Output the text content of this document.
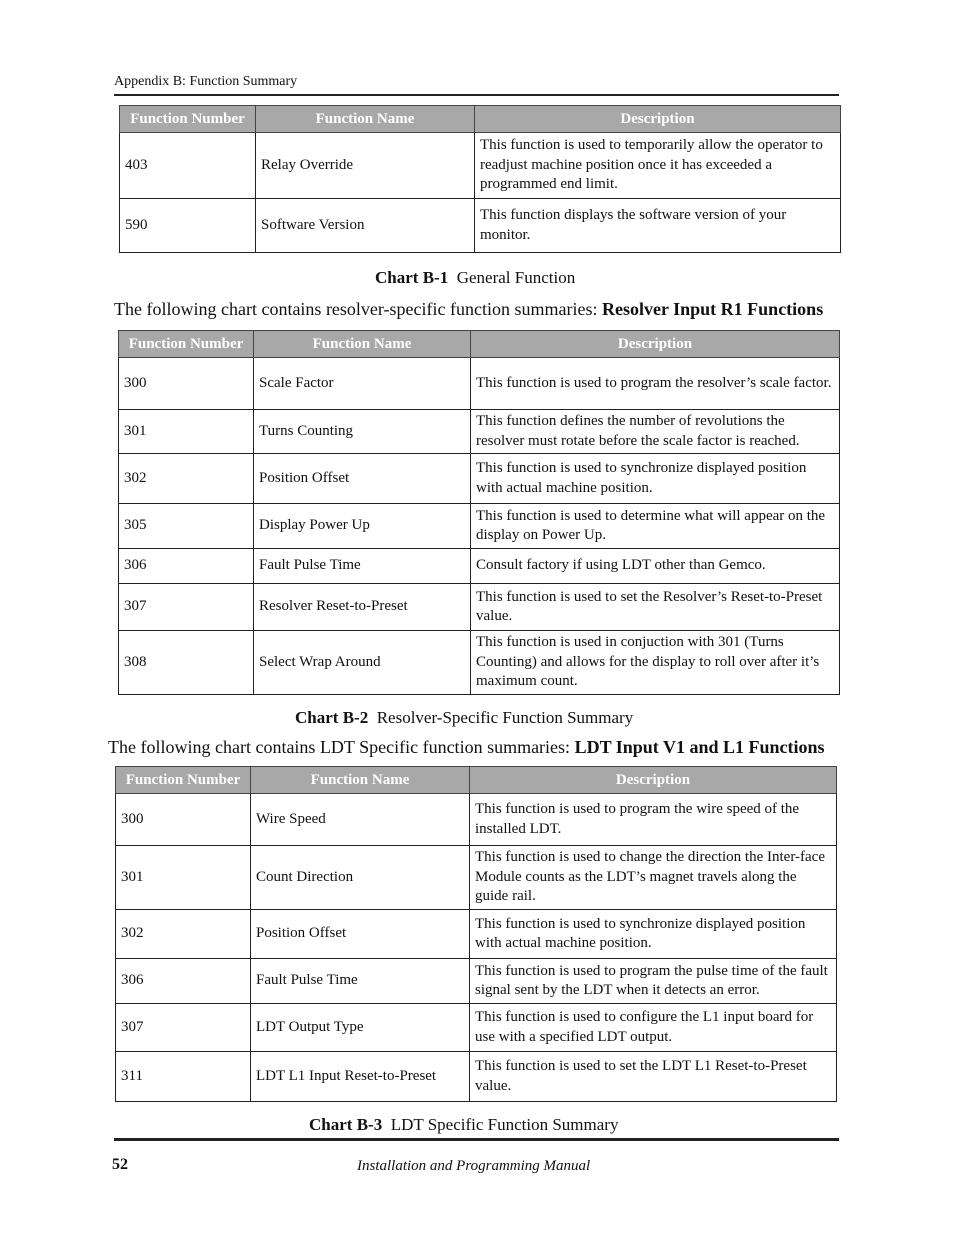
Appendix B: Function Summary
Function Number	Function Name	Description
403	Relay Override	This function is used to temporarily allow the operator to readjust machine position once it has exceeded a programmed end limit.
590	Software Version	This function displays the software version of your monitor.
Chart B-1 General Function
The following chart contains resolver-specific function summaries: Resolver Input R1 Functions
Function Number	Function Name	Description
300	Scale Factor	This function is used to program the resolver’s scale factor.
301	Turns Counting	This function defines the number of revolutions the resolver must rotate before the scale factor is reached.
302	Position Offset	This function is used to synchronize displayed position with actual machine position.
305	Display Power Up	This function is used to determine what will appear on the display on Power Up.
306	Fault Pulse Time	Consult factory if using LDT other than Gemco.
307	Resolver Reset-to-Preset	This function is used to set the Resolver’s Reset-to-Preset value.
308	Select Wrap Around	This function is used in conjuction with 301 (Turns Counting) and allows for the display to roll over after it’s maximum count.
Chart B-2 Resolver-Specific Function Summary
The following chart contains LDT Specific function summaries: LDT Input V1 and L1 Functions
Function Number	Function Name	Description
300	Wire Speed	This function is used to program the wire speed of the installed LDT.
301	Count Direction	This function is used to change the direction the Inter-face Module counts as the LDT’s magnet travels along the guide rail.
302	Position Offset	This function is used to synchronize displayed position with actual machine position.
306	Fault Pulse Time	This function is used to program the pulse time of the fault signal sent by the LDT when it detects an error.
307	LDT Output Type	This function is used to configure the L1 input board for use with a specified LDT output.
311	LDT L1 Input Reset-to-Preset	This function is used to set the LDT L1 Reset-to-Preset value.
Chart B-3 LDT Specific Function Summary
52	Installation and Programming Manual
